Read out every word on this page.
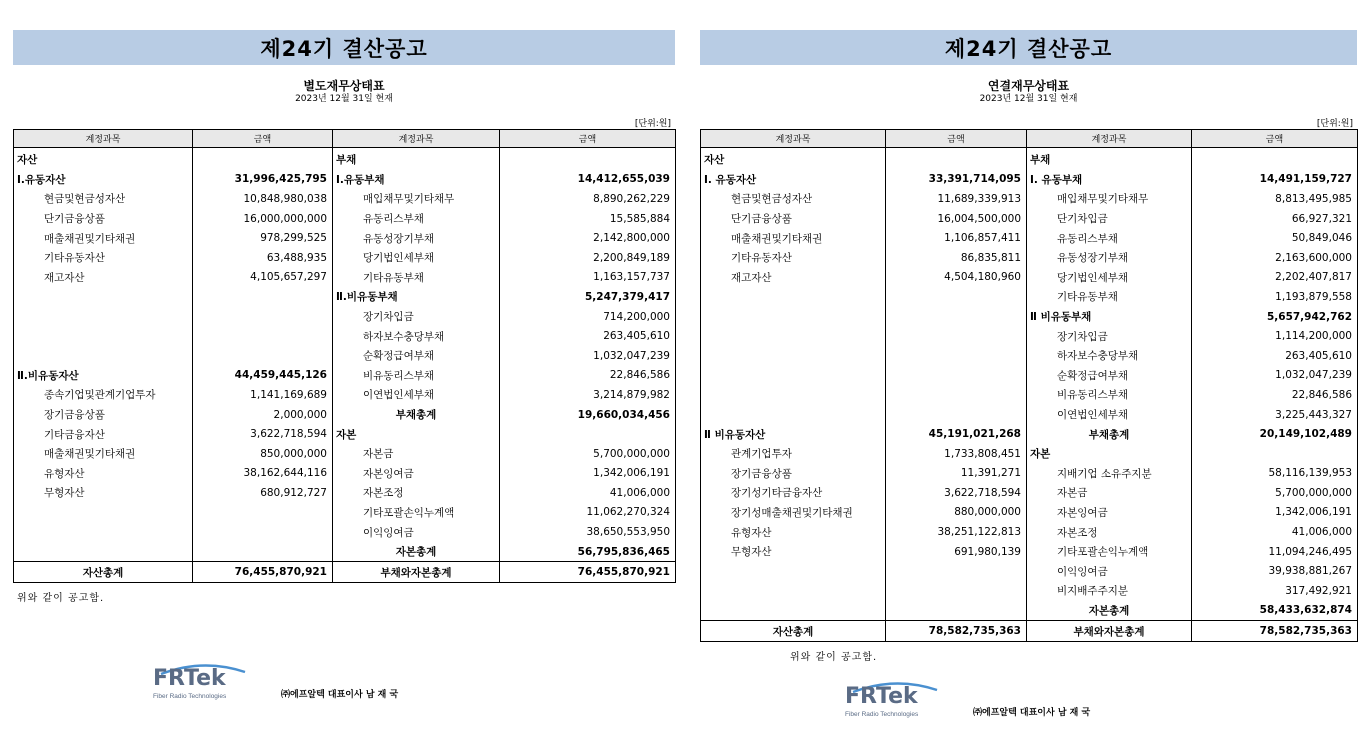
제24기 결산공고
별도재무상태표
2023년 12월 31일 현재
[단위:원]
계정과목	금액	계정과목	금액
자산		부채	
Ⅰ.유동자산	31,996,425,795	Ⅰ.유동부채	14,412,655,039
현금및현금성자산	10,848,980,038	매입채무및기타채무	8,890,262,229
단기금융상품	16,000,000,000	유동리스부채	15,585,884
매출채권및기타채권	978,299,525	유동성장기부채	2,142,800,000
기타유동자산	63,488,935	당기법인세부채	2,200,849,189
재고자산	4,105,657,297	기타유동부채	1,163,157,737
		Ⅱ.비유동부채	5,247,379,417
		장기차입금	714,200,000
		하자보수충당부채	263,405,610
		순확정급여부채	1,032,047,239
Ⅱ.비유동자산	44,459,445,126	비유동리스부채	22,846,586
종속기업및관계기업투자	1,141,169,689	이연법인세부채	3,214,879,982
장기금융상품	2,000,000	부채총계	19,660,034,456
기타금융자산	3,622,718,594	자본	
매출채권및기타채권	850,000,000	자본금	5,700,000,000
유형자산	38,162,644,116	자본잉여금	1,342,006,191
무형자산	680,912,727	자본조정	41,006,000
		기타포괄손익누계액	11,062,270,324
		이익잉여금	38,650,553,950
		자본총계	56,795,836,465
자산총계	76,455,870,921	부채와자본총계	76,455,870,921
위와 같이 공고함.
FRTek
Fiber Radio Technologies	㈜에프알텍 대표이사 남 재 국
제24기 결산공고
연결재무상태표
2023년 12월 31일 현재
[단위:원]
계정과목	금액	계정과목	금액
자산		부채	
Ⅰ. 유동자산	33,391,714,095	Ⅰ. 유동부채	14,491,159,727
현금및현금성자산	11,689,339,913	매입채무및기타채무	8,813,495,985
단기금융상품	16,004,500,000	단기차입금	66,927,321
매출채권및기타채권	1,106,857,411	유동리스부채	50,849,046
기타유동자산	86,835,811	유동성장기부채	2,163,600,000
재고자산	4,504,180,960	당기법인세부채	2,202,407,817
		기타유동부채	1,193,879,558
		Ⅱ 비유동부채	5,657,942,762
		장기차입금	1,114,200,000
		하자보수충당부채	263,405,610
		순확정급여부채	1,032,047,239
		비유동리스부채	22,846,586
		이연법인세부채	3,225,443,327
Ⅱ 비유동자산	45,191,021,268	부채총계	20,149,102,489
관계기업투자	1,733,808,451	자본	
장기금융상품	11,391,271	지배기업 소유주지분	58,116,139,953
장기성기타금융자산	3,622,718,594	자본금	5,700,000,000
장기성매출채권및기타채권	880,000,000	자본잉여금	1,342,006,191
유형자산	38,251,122,813	자본조정	41,006,000
무형자산	691,980,139	기타포괄손익누계액	11,094,246,495
		이익잉여금	39,938,881,267
		비지배주주지분	317,492,921
		자본총계	58,433,632,874
자산총계	78,582,735,363	부채와자본총계	78,582,735,363
위와 같이 공고함.
FRTek
Fiber Radio Technologies	㈜에프알텍 대표이사 남 재 국
